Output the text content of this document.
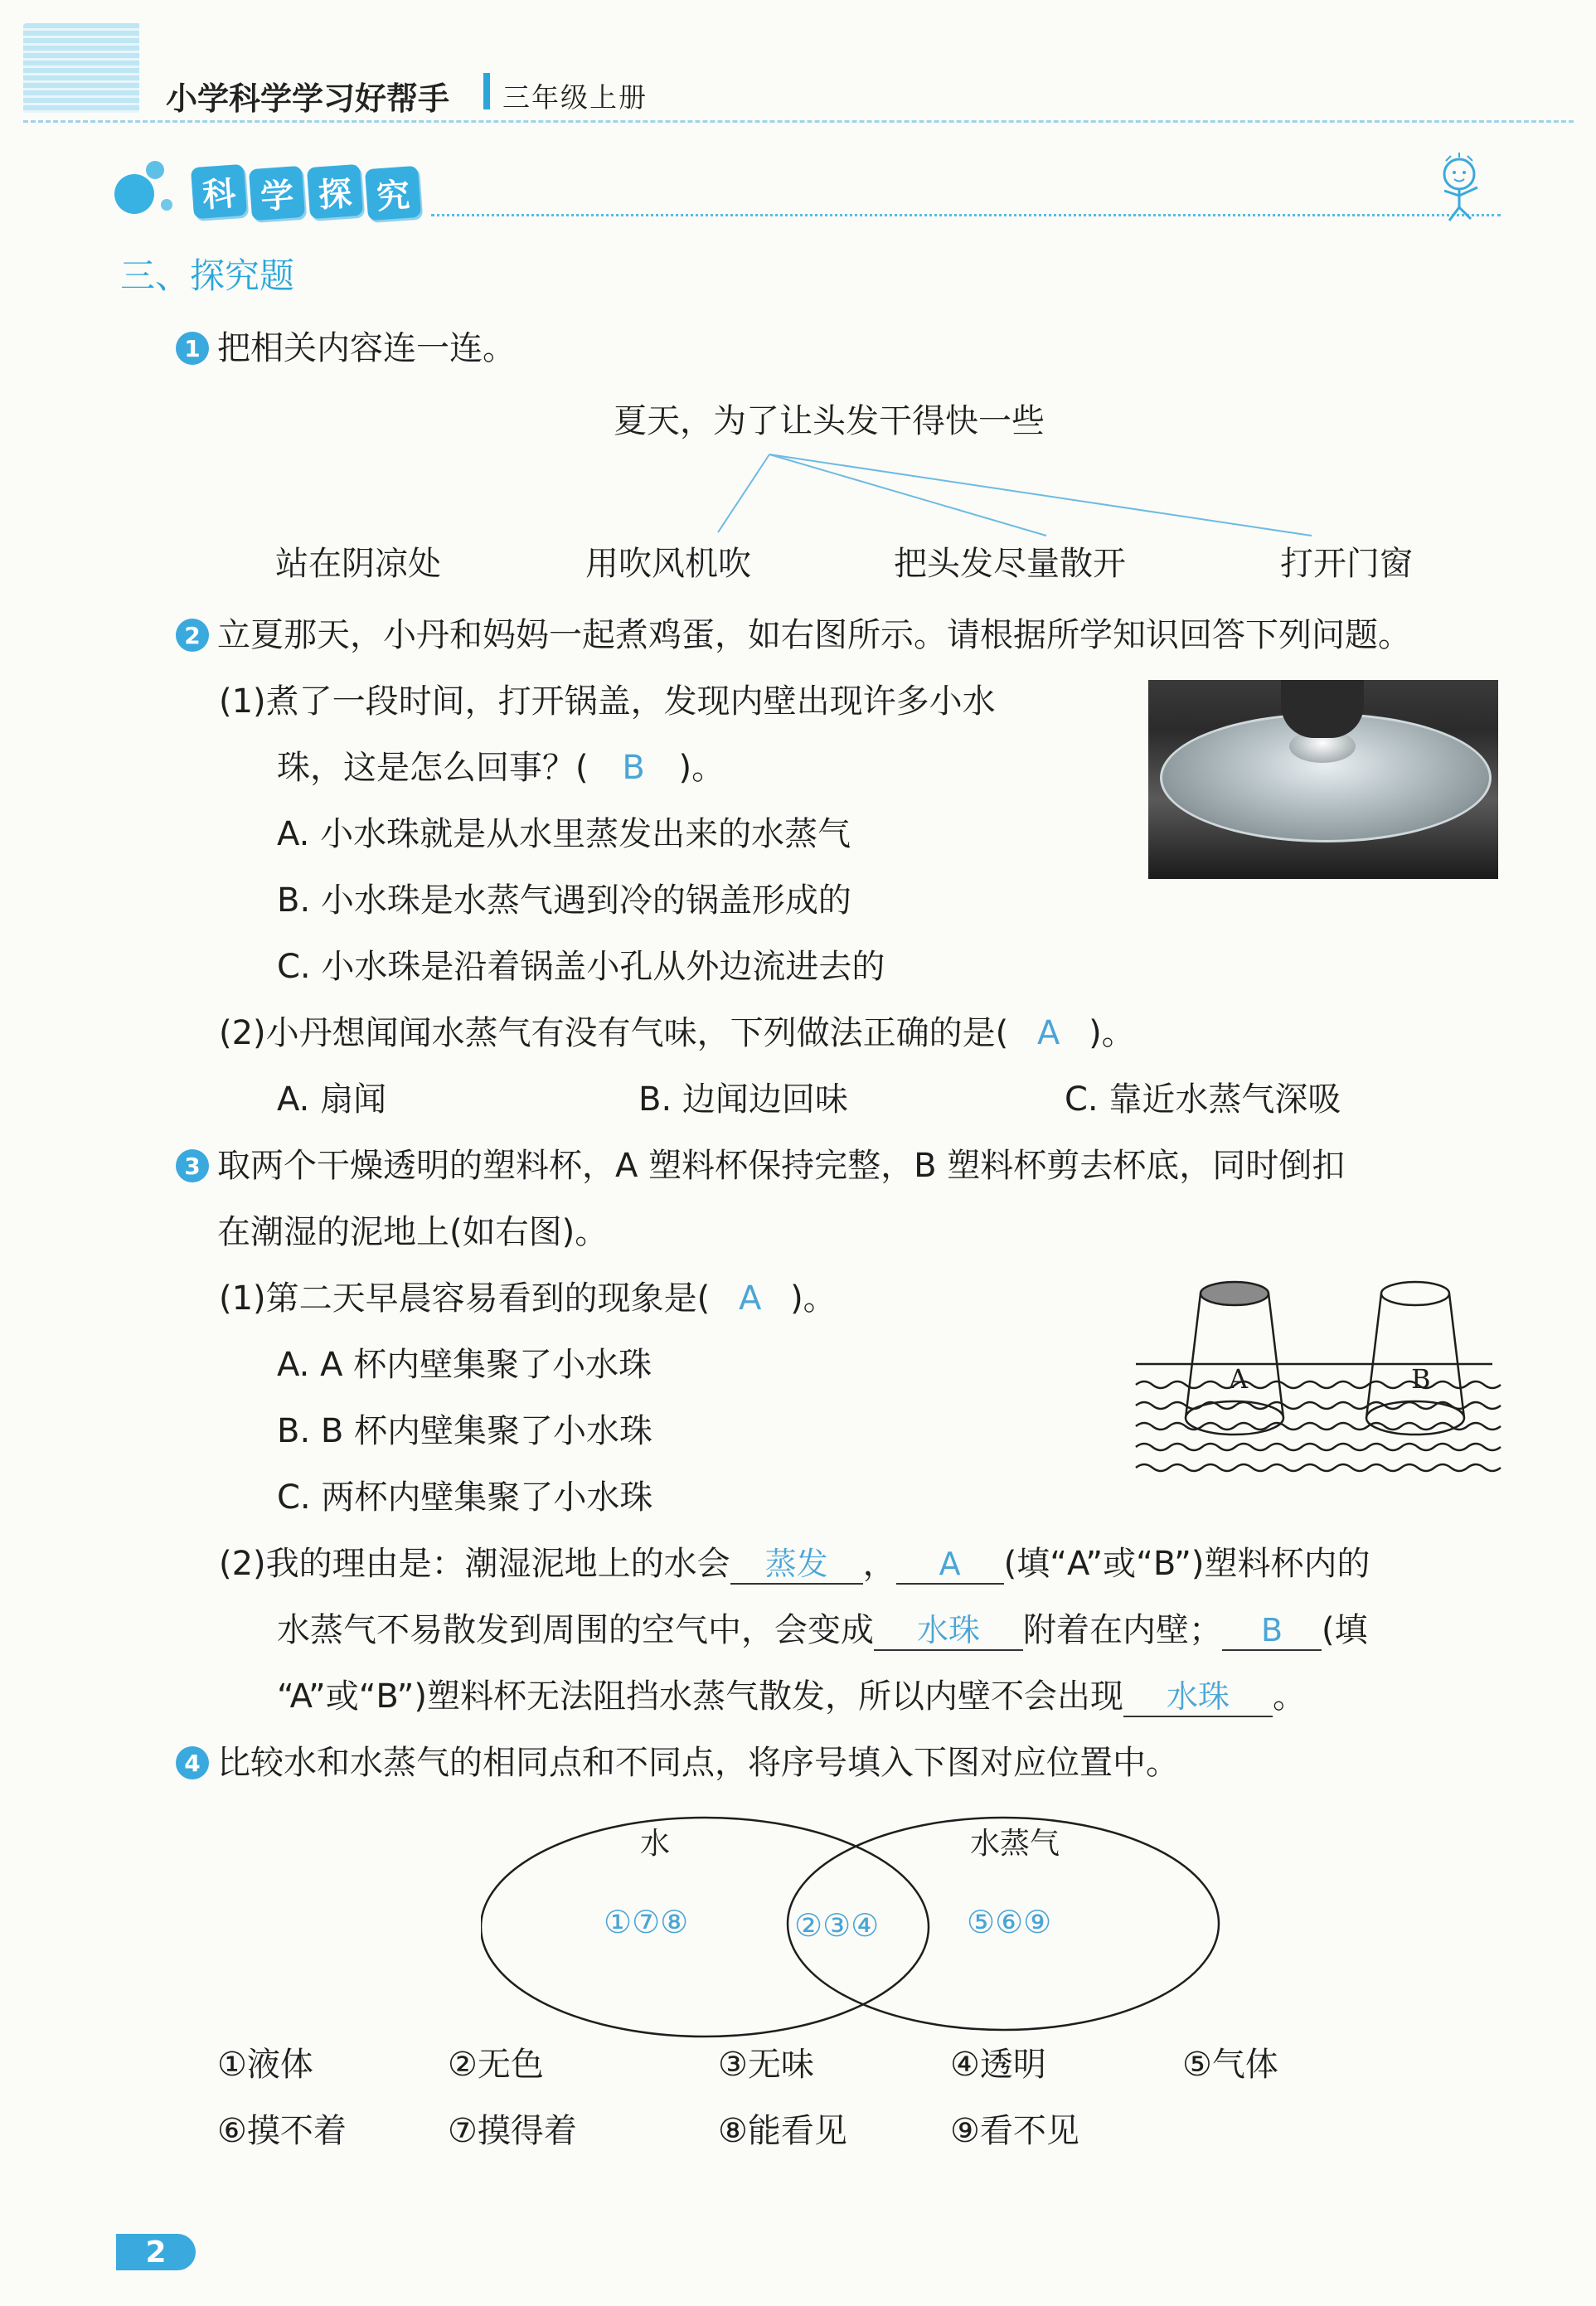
小学科学学习好帮手 三年级上册
科 学 探 究
三、探究题
1 把相关内容连一连。
夏天，为了让头发干得快一些
站在阴凉处	用吹风机吹	把头发尽量散开	打开门窗
2 立夏那天，小丹和妈妈一起煮鸡蛋，如右图所示。请根据所学知识回答下列问题。
(1)煮了一段时间，打开锅盖，发现内壁出现许多小水
珠，这是怎么回事？( B )。
A. 小水珠就是从水里蒸发出来的水蒸气
B. 小水珠是水蒸气遇到冷的锅盖形成的
C. 小水珠是沿着锅盖小孔从外边流进去的
(2)小丹想闻闻水蒸气有没有气味，下列做法正确的是( A )。
A. 扇闻	B. 边闻边回味	C. 靠近水蒸气深吸
3 取两个干燥透明的塑料杯，A 塑料杯保持完整，B 塑料杯剪去杯底，同时倒扣
在潮湿的泥地上(如右图)。
(1)第二天早晨容易看到的现象是( A )。
A. A 杯内壁集聚了小水珠
B. B 杯内壁集聚了小水珠
C. 两杯内壁集聚了小水珠
A	B
(2)我的理由是：潮湿泥地上的水会	蒸发	，	A	(填“A”或“B”)塑料杯内的
水蒸气不易散发到周围的空气中，会变成	水珠	附着在内壁；	B	(填
“A”或“B”)塑料杯无法阻挡水蒸气散发，所以内壁不会出现	水珠	。
4 比较水和水蒸气的相同点和不同点，将序号填入下图对应位置中。
水	水蒸气
①⑦⑧	②③④	⑤⑥⑨
①液体	②无色	③无味	④透明	⑤气体
⑥摸不着	⑦摸得着	⑧能看见	⑨看不见
2
